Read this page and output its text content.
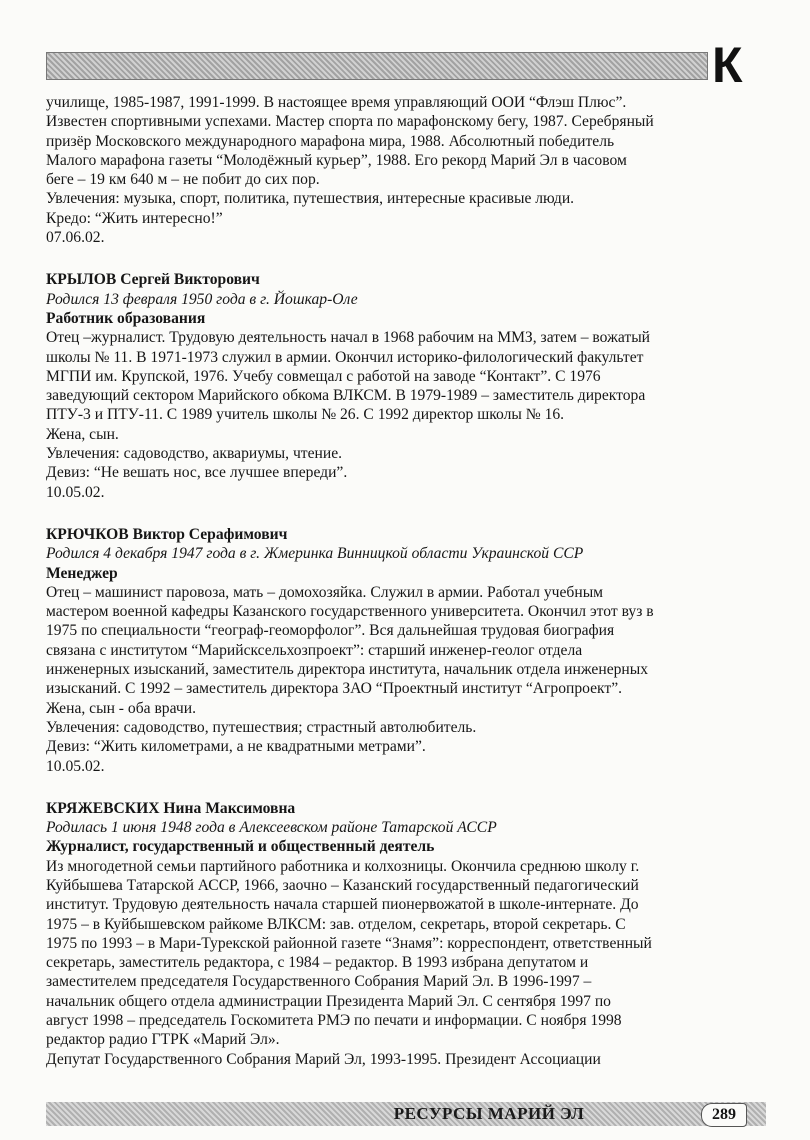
К
училище, 1985-1987, 1991-1999. В настоящее время управляющий ООИ “Флэш Плюс”.
Известен спортивными успехами. Мастер спорта по марафонскому бегу, 1987. Серебряный
призёр Московского международного марафона мира, 1988. Абсолютный победитель
Малого марафона газеты “Молодёжный курьер”, 1988. Его рекорд Марий Эл в часовом
беге – 19 км 640 м – не побит до сих пор.
Увлечения: музыка, спорт, политика, путешествия, интересные красивые люди.
Кредо: “Жить интересно!”
07.06.02.
КРЫЛОВ Сергей Викторович
Родился 13 февраля 1950 года в г. Йошкар-Оле
Работник образования
Отец –журналист. Трудовую деятельность начал в 1968 рабочим на ММЗ, затем – вожатый
школы № 11. В 1971-1973 служил в армии. Окончил историко-филологический факультет
МГПИ им. Крупской, 1976. Учебу совмещал с работой на заводе “Контакт”. С 1976
заведующий сектором Марийского обкома ВЛКСМ. В 1979-1989 – заместитель директора
ПТУ-3 и ПТУ-11. С 1989 учитель школы № 26. С 1992 директор школы № 16.
Жена, сын.
Увлечения: садоводство, аквариумы, чтение.
Девиз: “Не вешать нос, все лучшее впереди”.
10.05.02.
КРЮЧКОВ Виктор Серафимович
Родился 4 декабря 1947 года в г. Жмеринка Винницкой области Украинской ССР
Менеджер
Отец – машинист паровоза, мать – домохозяйка. Служил в армии. Работал учебным
мастером военной кафедры Казанского государственного университета. Окончил этот вуз в
1975 по специальности “географ-геоморфолог”. Вся дальнейшая трудовая биография
связана с институтом “Марийсксельхозпроект”: старший инженер-геолог отдела
инженерных изысканий, заместитель директора института, начальник отдела инженерных
изысканий. С 1992 – заместитель директора ЗАО “Проектный институт “Агропроект”.
Жена, сын - оба врачи.
Увлечения: садоводство, путешествия; страстный автолюбитель.
Девиз: “Жить километрами, а не квадратными метрами”.
10.05.02.
КРЯЖЕВСКИХ Нина Максимовна
Родилась 1 июня 1948 года в Алексеевском районе Татарской АССР
Журналист, государственный и общественный деятель
Из многодетной семьи партийного работника и колхозницы. Окончила среднюю школу г.
Куйбышева Татарской АССР, 1966, заочно – Казанский государственный педагогический
институт. Трудовую деятельность начала старшей пионервожатой в школе-интернате. До
1975 – в Куйбышевском райкоме ВЛКСМ: зав. отделом, секретарь, второй секретарь. С
1975 по 1993 – в Мари-Турекской районной газете “Знамя”: корреспондент, ответственный
секретарь, заместитель редактора, с 1984 – редактор. В 1993 избрана депутатом и
заместителем председателя Государственного Собрания Марий Эл. В 1996-1997 –
начальник общего отдела администрации Президента Марий Эл. С сентября 1997 по
август 1998 – председатель Госкомитета РМЭ по печати и информации. С ноября 1998
редактор радио ГТРК «Марий Эл».
Депутат Государственного Собрания Марий Эл, 1993-1995. Президент Ассоциации
РЕСУРСЫ МАРИЙ ЭЛ	289
